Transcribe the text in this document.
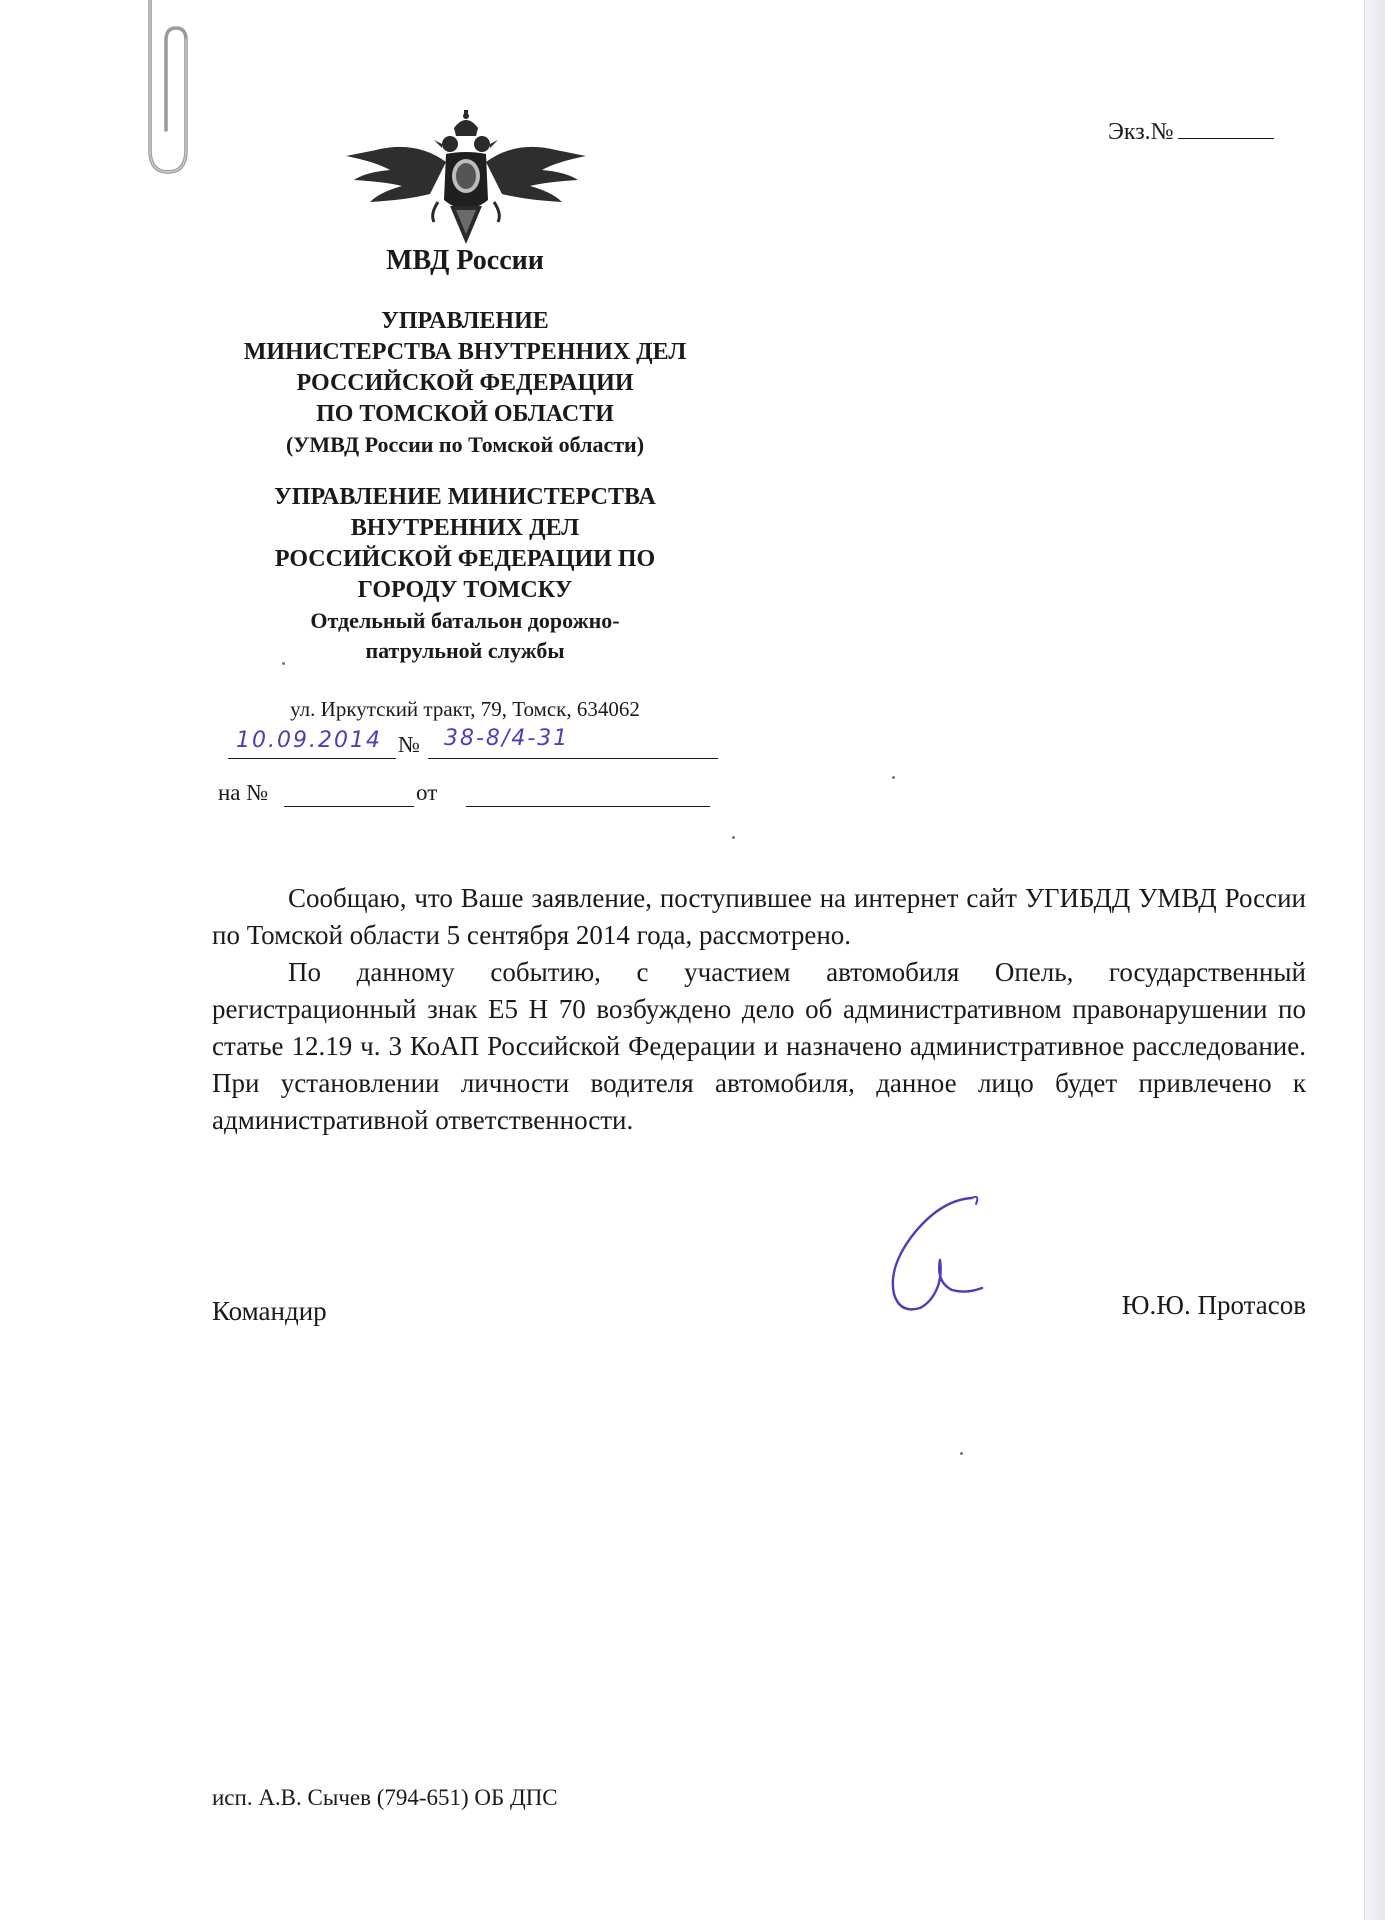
Экз.№
МВД России

УПРАВЛЕНИЕ

МИНИСТЕРСТВА ВНУТРЕННИХ ДЕЛ

РОССИЙСКОЙ ФЕДЕРАЦИИ

ПО ТОМСКОЙ ОБЛАСТИ

(УМВД России по Томской области)

УПРАВЛЕНИЕ МИНИСТЕРСТВА

ВНУТРЕННИХ ДЕЛ

РОССИЙСКОЙ ФЕДЕРАЦИИ ПО

ГОРОДУ ТОМСКУ

Отдельный батальон дорожно-

патрульной службы

ул. Иркутский тракт, 79, Томск, 634062
10.09.2014 № 38-8/4-31
на №	от

Сообщаю, что Ваше заявление, поступившее на интернет сайт УГИБДД УМВД России по Томской области 5 сентября 2014 года, рассмотрено.

По данному событию, с участием автомобиля Опель, государственный регистрационный знак Е5 Н 70 возбуждено дело об административном правонарушении по статье 12.19 ч. 3 КоАП Российской Федерации и назначено административное расследование. При установлении личности водителя автомобиля, данное лицо будет привлечено к административной ответственности.

Командир	Ю.Ю. Протасов
исп. А.В. Сычев (794-651) ОБ ДПС
